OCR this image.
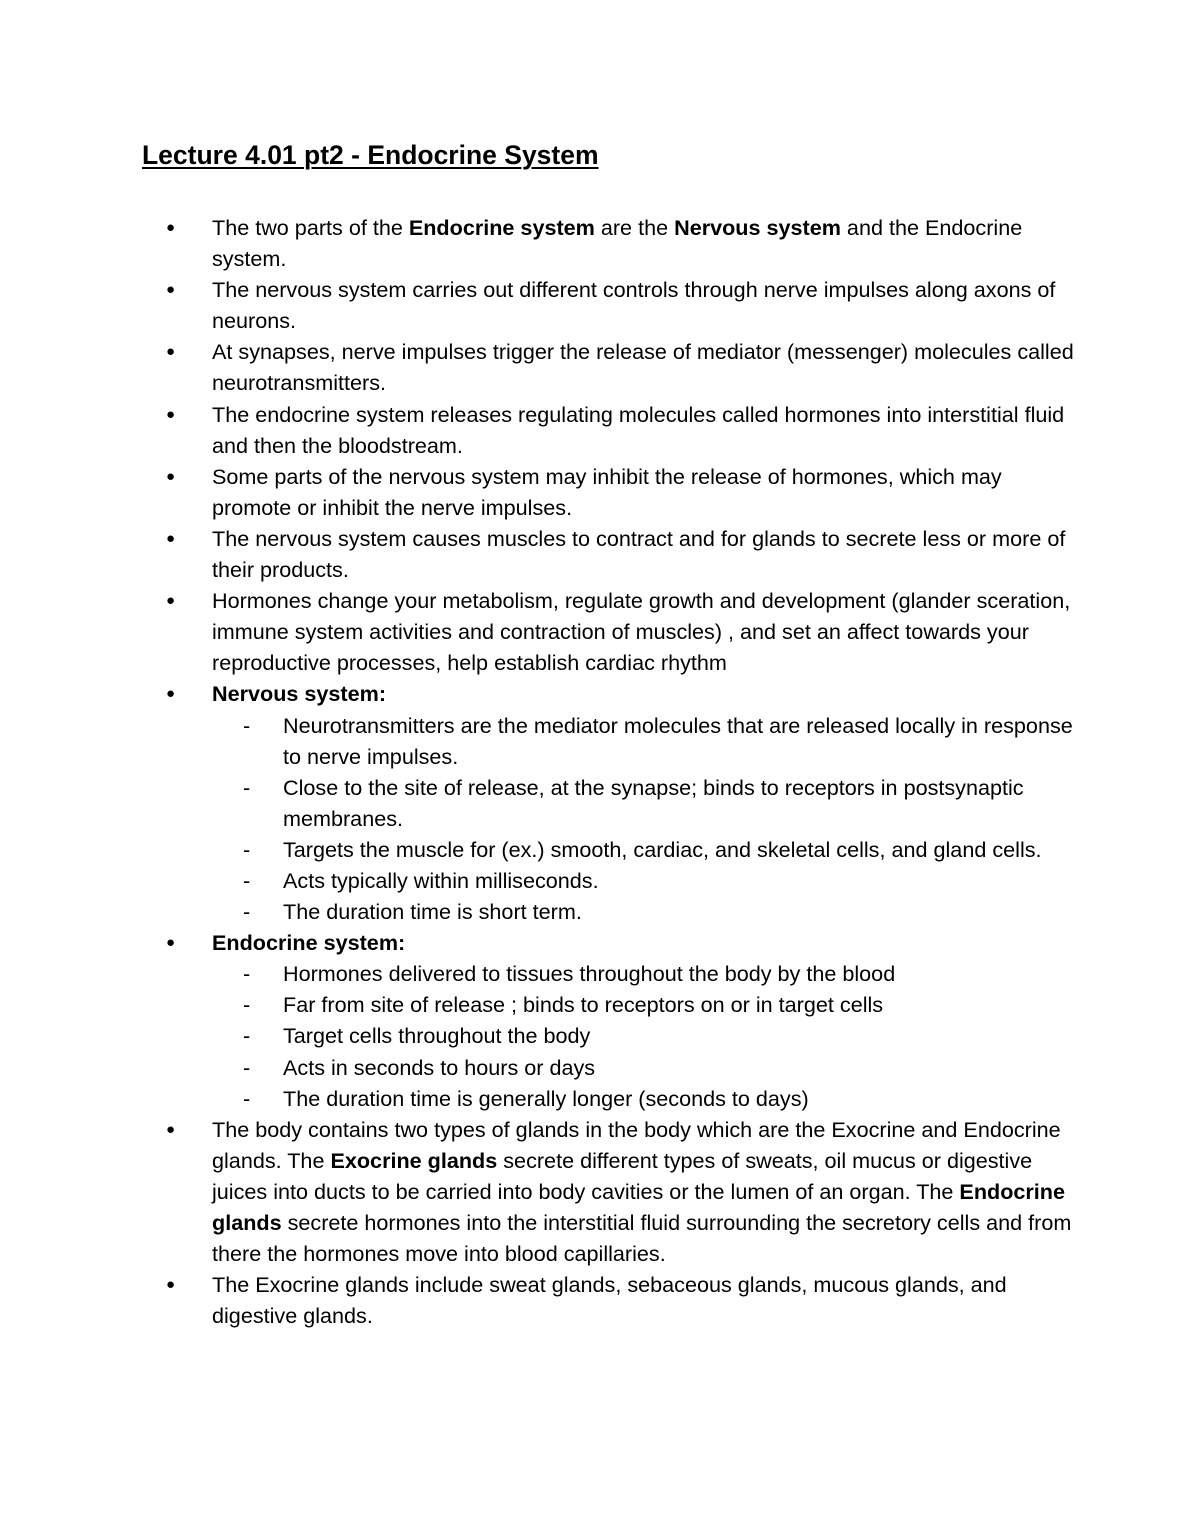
Lecture 4.01 pt2 - Endocrine System
● The two parts of the Endocrine system are the Nervous system and the Endocrine system.
● The nervous system carries out different controls through nerve impulses along axons of neurons.
● At synapses, nerve impulses trigger the release of mediator (messenger) molecules called neurotransmitters.
● The endocrine system releases regulating molecules called hormones into interstitial fluid and then the bloodstream.
● Some parts of the nervous system may inhibit the release of hormones, which may promote or inhibit the nerve impulses.
● The nervous system causes muscles to contract and for glands to secrete less or more of their products.
● Hormones change your metabolism, regulate growth and development (glander sceration, immune system activities and contraction of muscles) , and set an affect towards your reproductive processes, help establish cardiac rhythm
● Nervous system:
- Neurotransmitters are the mediator molecules that are released locally in response to nerve impulses.
- Close to the site of release, at the synapse; binds to receptors in postsynaptic membranes.
- Targets the muscle for (ex.) smooth, cardiac, and skeletal cells, and gland cells.
- Acts typically within milliseconds.
- The duration time is short term.
● Endocrine system:
- Hormones delivered to tissues throughout the body by the blood
- Far from site of release ; binds to receptors on or in target cells
- Target cells throughout the body
- Acts in seconds to hours or days
- The duration time is generally longer (seconds to days)
● The body contains two types of glands in the body which are the Exocrine and Endocrine glands. The Exocrine glands secrete different types of sweats, oil mucus or digestive juices into ducts to be carried into body cavities or the lumen of an organ. The Endocrine glands secrete hormones into the interstitial fluid surrounding the secretory cells and from there the hormones move into blood capillaries.
● The Exocrine glands include sweat glands, sebaceous glands, mucous glands, and digestive glands.
